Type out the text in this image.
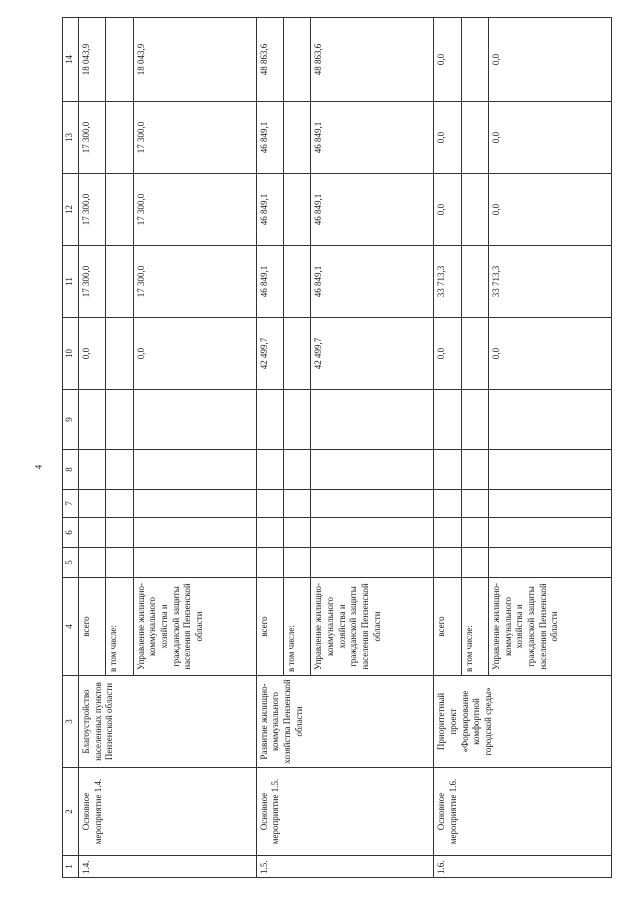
4
1	2	3	4	5	6	7	8	9	10	11	12	13	14
1.4.	Основное мероприятие 1.4.	Благоустройство населенных пунктов Пензенской области	всего						0,0	17 300,0	17 300,0	17 300,0	18 043,9
			в том числе:										
			Управление жилищно-коммунального хозяйства и гражданской защиты населения Пензенской области						0,0	17 300,0	17 300,0	17 300,0	18 043,9
1.5.	Основное мероприятие 1.5.	Развитие жилищно-коммунального хозяйства Пензенской области	всего						42 499,7	46 849,1	46 849,1	46 849,1	48 863,6
			в том числе:										
			Управление жилищно-коммунального хозяйства и гражданской защиты населения Пензенской области						42 499,7	46 849,1	46 849,1	46 849,1	48 863,6
1.6.	Основное мероприятие 1.6.	Приоритетный проект «Формирование комфортной городской среды»	всего						0,0	33 713,3	0,0	0,0	0,0
			в том числе:										
			Управление жилищно-коммунального хозяйства и гражданской защиты населения Пензенской области						0,0	33 713,3	0,0	0,0	0,0
